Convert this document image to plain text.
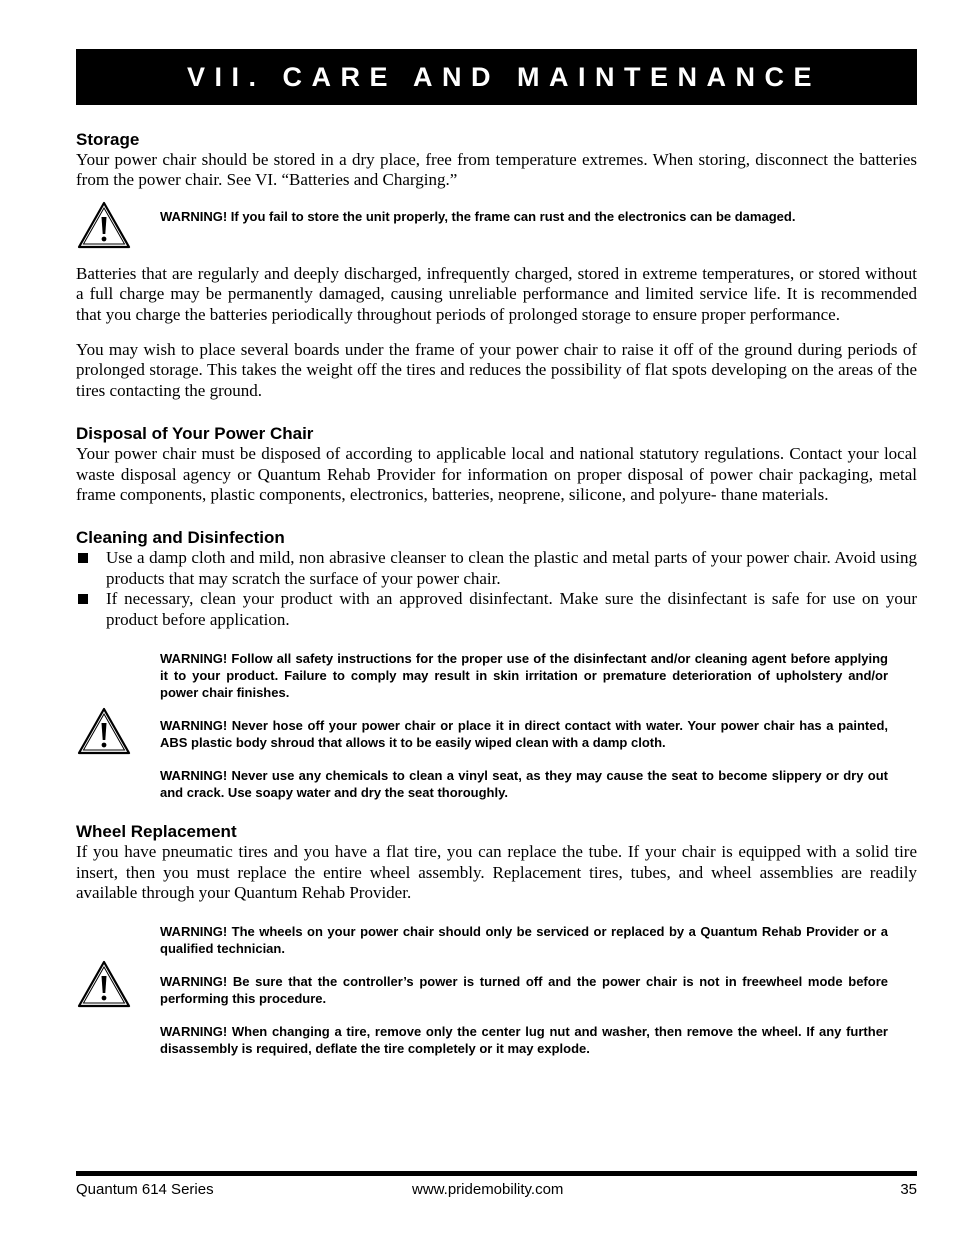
VII. CARE AND MAINTENANCE
Storage

Your power chair should be stored in a dry place, free from temperature extremes. When storing, disconnect the batteries from the power chair. See VI. “Batteries and Charging.”

WARNING! If you fail to store the unit properly, the frame can rust and the electronics can be damaged.

Batteries that are regularly and deeply discharged, infrequently charged, stored in extreme temperatures, or stored without a full charge may be permanently damaged, causing unreliable performance and limited service life. It is recommended that you charge the batteries periodically throughout periods of prolonged storage to ensure proper performance.

You may wish to place several boards under the frame of your power chair to raise it off of the ground during periods of prolonged storage. This takes the weight off the tires and reduces the possibility of flat spots developing on the areas of the tires contacting the ground.

Disposal of Your Power Chair

Your power chair must be disposed of according to applicable local and national statutory regulations. Contact your local waste disposal agency or Quantum Rehab Provider for information on proper disposal of power chair packaging, metal frame components, plastic components, electronics, batteries, neoprene, silicone, and polyure- thane materials.

Cleaning and Disinfection
Use a damp cloth and mild, non abrasive cleanser to clean the plastic and metal parts of your power chair. Avoid using products that may scratch the surface of your power chair.
If necessary, clean your product with an approved disinfectant. Make sure the disinfectant is safe for use on your product before application.

WARNING! Follow all safety instructions for the proper use of the disinfectant and/or cleaning agent before applying it to your product. Failure to comply may result in skin irritation or premature deterioration of upholstery and/or power chair finishes.

WARNING! Never hose off your power chair or place it in direct contact with water. Your power chair has a painted, ABS plastic body shroud that allows it to be easily wiped clean with a damp cloth.

WARNING! Never use any chemicals to clean a vinyl seat, as they may cause the seat to become slippery or dry out and crack. Use soapy water and dry the seat thoroughly.

Wheel Replacement

If you have pneumatic tires and you have a flat tire, you can replace the tube. If your chair is equipped with a solid tire insert, then you must replace the entire wheel assembly. Replacement tires, tubes, and wheel assemblies are readily available through your Quantum Rehab Provider.

WARNING! The wheels on your power chair should only be serviced or replaced by a Quantum Rehab Provider or a qualified technician.

WARNING! Be sure that the controller’s power is turned off and the power chair is not in freewheel mode before performing this procedure.

WARNING! When changing a tire, remove only the center lug nut and washer, then remove the wheel. If any further disassembly is required, deflate the tire completely or it may explode.

Quantum 614 Series	www.pridemobility.com	35
